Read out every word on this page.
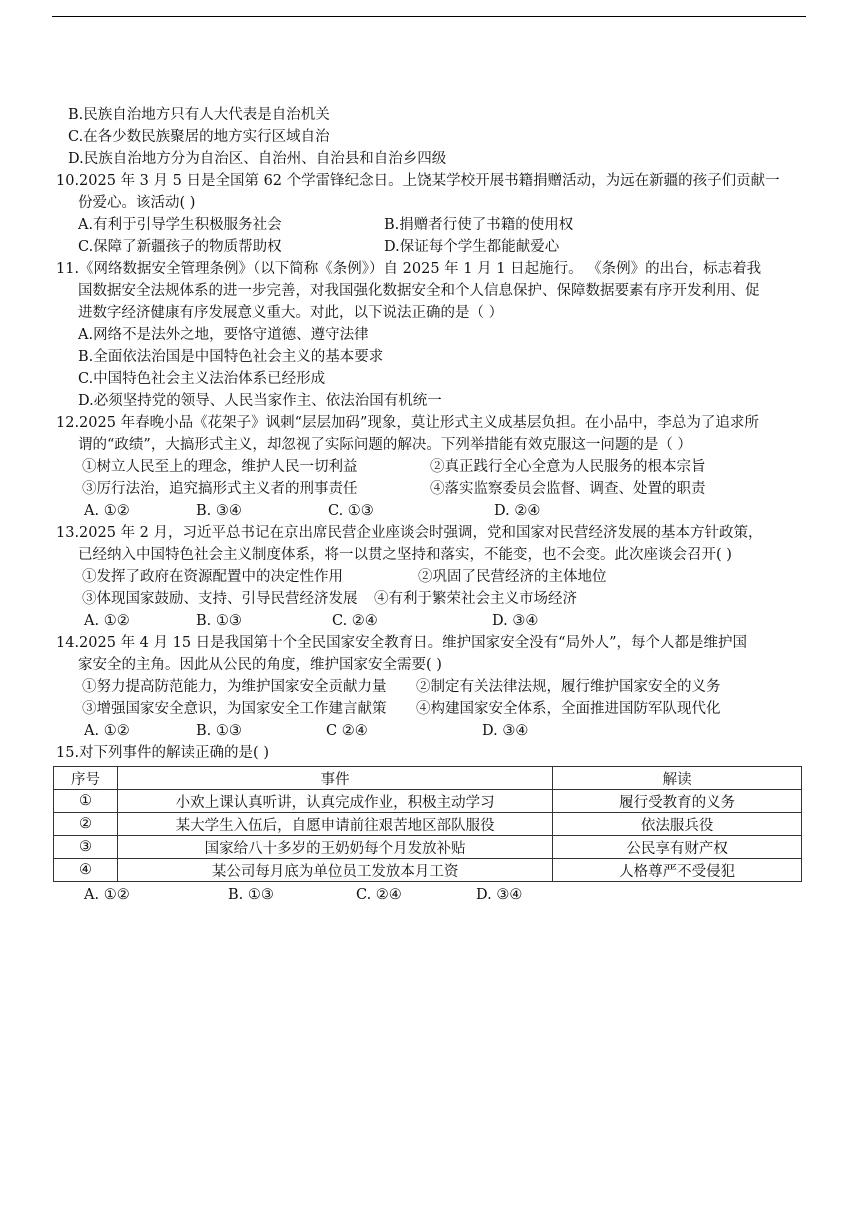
B.民族自治地方只有人大代表是自治机关
C.在各少数民族聚居的地方实行区域自治
D.民族自治地方分为自治区、自治州、自治县和自治乡四级
10.2025 年 3 月 5 日是全国第 62 个学雷锋纪念日。上饶某学校开展书籍捐赠活动，为远在新疆的孩子们贡献一
份爱心。该活动( )
A.有利于引导学生积极服务社会	B.捐赠者行使了书籍的使用权
C.保障了新疆孩子的物质帮助权	D.保证每个学生都能献爱心
11.《网络数据安全管理条例》（以下简称《条例》）自 2025 年 1 月 1 日起施行。 《条例》的出台，标志着我
国数据安全法规体系的进一步完善，对我国强化数据安全和个人信息保护、保障数据要素有序开发利用、促
进数字经济健康有序发展意义重大。对此，以下说法正确的是（ ）
A.网络不是法外之地，要恪守道德、遵守法律
B.全面依法治国是中国特色社会主义的基本要求
C.中国特色社会主义法治体系已经形成
D.必须坚持党的领导、人民当家作主、依法治国有机统一
12.2025 年春晚小品《花架子》讽刺“层层加码”现象，莫让形式主义成基层负担。在小品中，李总为了追求所
谓的“政绩”，大搞形式主义，却忽视了实际问题的解决。下列举措能有效克服这一问题的是（ ）
①树立人民至上的理念，维护人民一切利益	②真正践行全心全意为人民服务的根本宗旨
③厉行法治，追究搞形式主义者的刑事责任	④落实监察委员会监督、调查、处置的职责
A. ①②	B. ③④	C. ①③	D. ②④
13.2025 年 2 月，习近平总书记在京出席民营企业座谈会时强调，党和国家对民营经济发展的基本方针政策，
已经纳入中国特色社会主义制度体系，将一以贯之坚持和落实，不能变，也不会变。此次座谈会召开( )
①发挥了政府在资源配置中的决定性作用	②巩固了民营经济的主体地位
③体现国家鼓励、支持、引导民营经济发展	④有利于繁荣社会主义市场经济
A. ①②	B. ①③	C. ②④	D. ③④
14.2025 年 4 月 15 日是我国第十个全民国家安全教育日。维护国家安全没有“局外人”，每个人都是维护国
家安全的主角。因此从公民的角度，维护国家安全需要( )
①努力提高防范能力，为维护国家安全贡献力量	②制定有关法律法规，履行维护国家安全的义务
③增强国家安全意识，为国家安全工作建言献策	④构建国家安全体系，全面推进国防军队现代化
A. ①②	B. ①③	C ②④	D. ③④
15.对下列事件的解读正确的是( )
序号	事件	解读
①	小欢上课认真听讲，认真完成作业，积极主动学习	履行受教育的义务
②	某大学生入伍后，自愿申请前往艰苦地区部队服役	依法服兵役
③	国家给八十多岁的王奶奶每个月发放补贴	公民享有财产权
④	某公司每月底为单位员工发放本月工资	人格尊严不受侵犯
A. ①②	B. ①③	C. ②④	D. ③④
